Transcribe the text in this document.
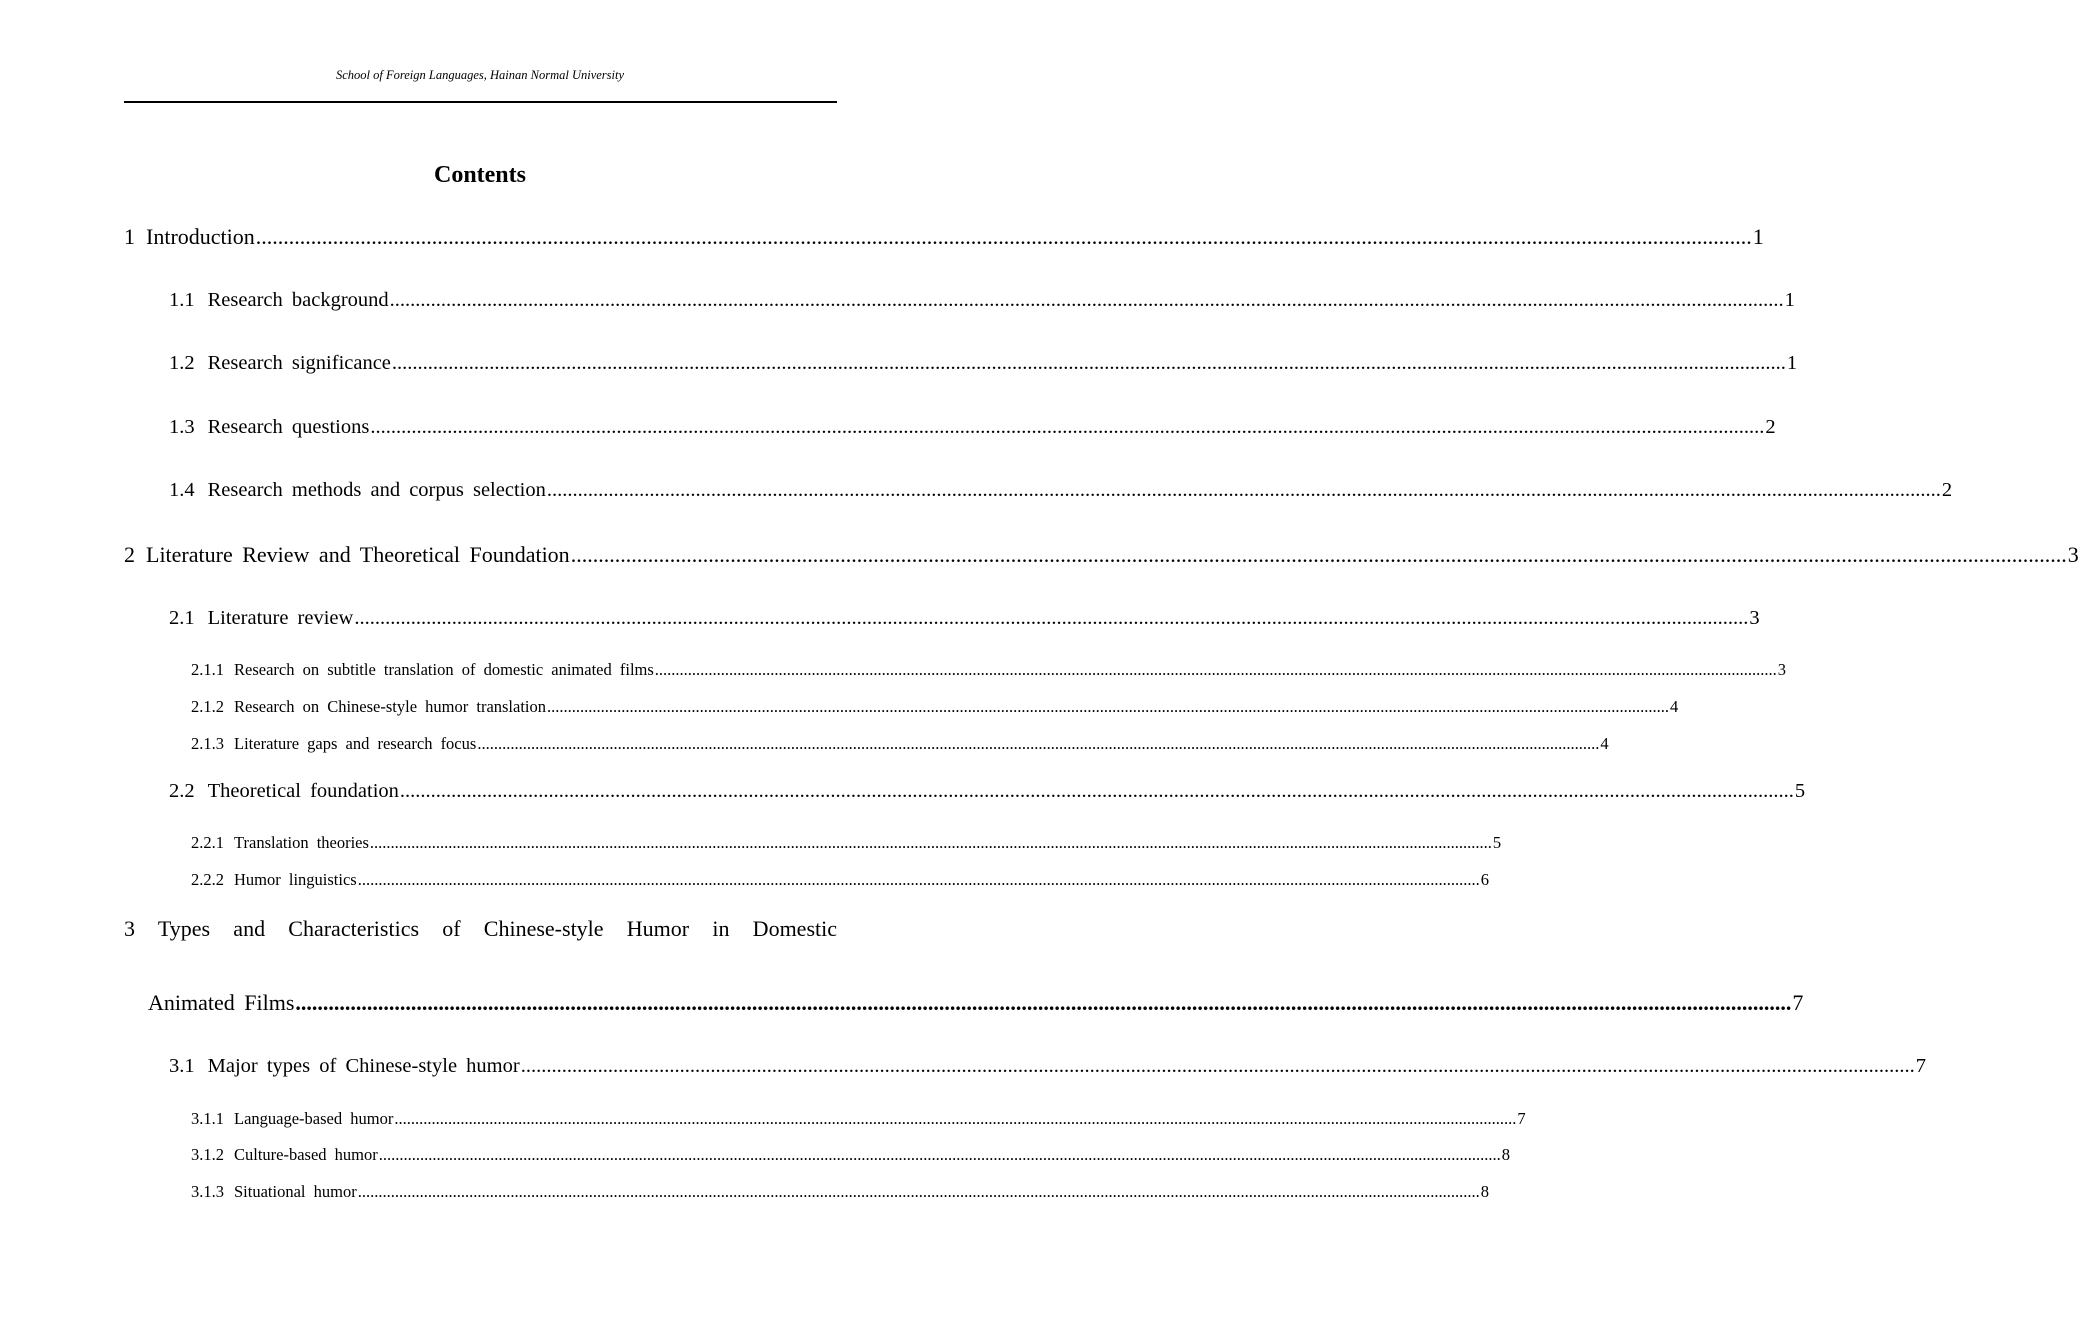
School of Foreign Languages, Hainan Normal University
Contents
1 Introduction ................................................................................................................................................................................................................................................................................ 1
1.1 Research background ................................................................................................................................................................................................................................................................................ 1
1.2 Research significance ................................................................................................................................................................................................................................................................................ 1
1.3 Research questions ................................................................................................................................................................................................................................................................................ 2
1.4 Research methods and corpus selection ................................................................................................................................................................................................................................................................................ 2
2 Literature Review and Theoretical Foundation ................................................................................................................................................................................................................................................................................ 3
2.1 Literature review ................................................................................................................................................................................................................................................................................ 3
2.1.1 Research on subtitle translation of domestic animated films ................................................................................................................................................................................................................................................................................ 3
2.1.2 Research on Chinese-style humor translation ................................................................................................................................................................................................................................................................................ 4
2.1.3 Literature gaps and research focus ................................................................................................................................................................................................................................................................................ 4
2.2 Theoretical foundation ................................................................................................................................................................................................................................................................................ 5
2.2.1 Translation theories ................................................................................................................................................................................................................................................................................ 5
2.2.2 Humor linguistics ................................................................................................................................................................................................................................................................................ 6
3 Types and Characteristics of Chinese-style Humor in Domestic
Animated Films ................................................................................................................................................................................................................................................................................ 7
3.1 Major types of Chinese-style humor ................................................................................................................................................................................................................................................................................ 7
3.1.1 Language-based humor ................................................................................................................................................................................................................................................................................ 7
3.1.2 Culture-based humor ................................................................................................................................................................................................................................................................................ 8
3.1.3 Situational humor ................................................................................................................................................................................................................................................................................ 8
